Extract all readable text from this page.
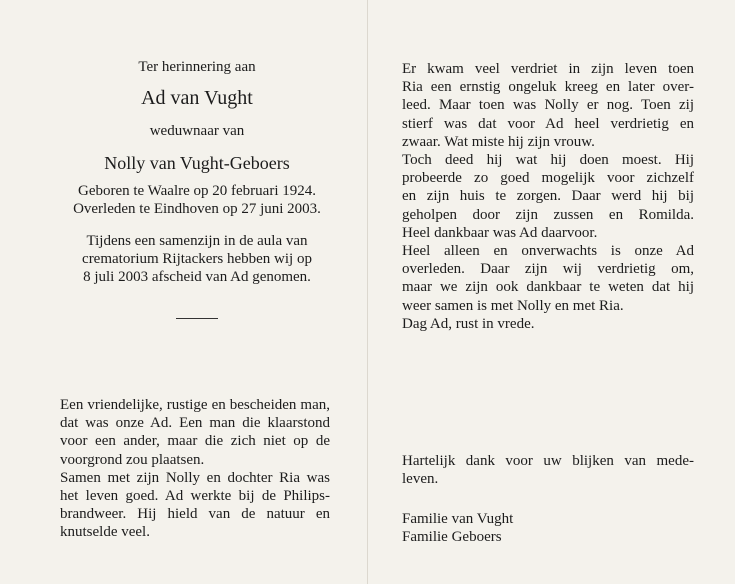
Ter herinnering aan
Ad van Vught
weduwnaar van
Nolly van Vught-Geboers
Geboren te Waalre op 20 februari 1924.
Overleden te Eindhoven op 27 juni 2003.
Tijdens een samenzijn in de aula van
crematorium Rijtackers hebben wij op
8 juli 2003 afscheid van Ad genomen.
Een vriendelijke, rustige en bescheiden man,
dat was onze Ad. Een man die klaarstond
voor een ander, maar die zich niet op de
voorgrond zou plaatsen.
Samen met zijn Nolly en dochter Ria was
het leven goed. Ad werkte bij de Philips-
brandweer. Hij hield van de natuur en
knutselde veel.
Er kwam veel verdriet in zijn leven toen
Ria een ernstig ongeluk kreeg en later over-
leed. Maar toen was Nolly er nog. Toen zij
stierf was dat voor Ad heel verdrietig en
zwaar. Wat miste hij zijn vrouw.
Toch deed hij wat hij doen moest. Hij
probeerde zo goed mogelijk voor zichzelf
en zijn huis te zorgen. Daar werd hij bij
geholpen door zijn zussen en Romilda.
Heel dankbaar was Ad daarvoor.
Heel alleen en onverwachts is onze Ad
overleden. Daar zijn wij verdrietig om,
maar we zijn ook dankbaar te weten dat hij
weer samen is met Nolly en met Ria.
Dag Ad, rust in vrede.
Hartelijk dank voor uw blijken van mede-
leven.
Familie van Vught
Familie Geboers
